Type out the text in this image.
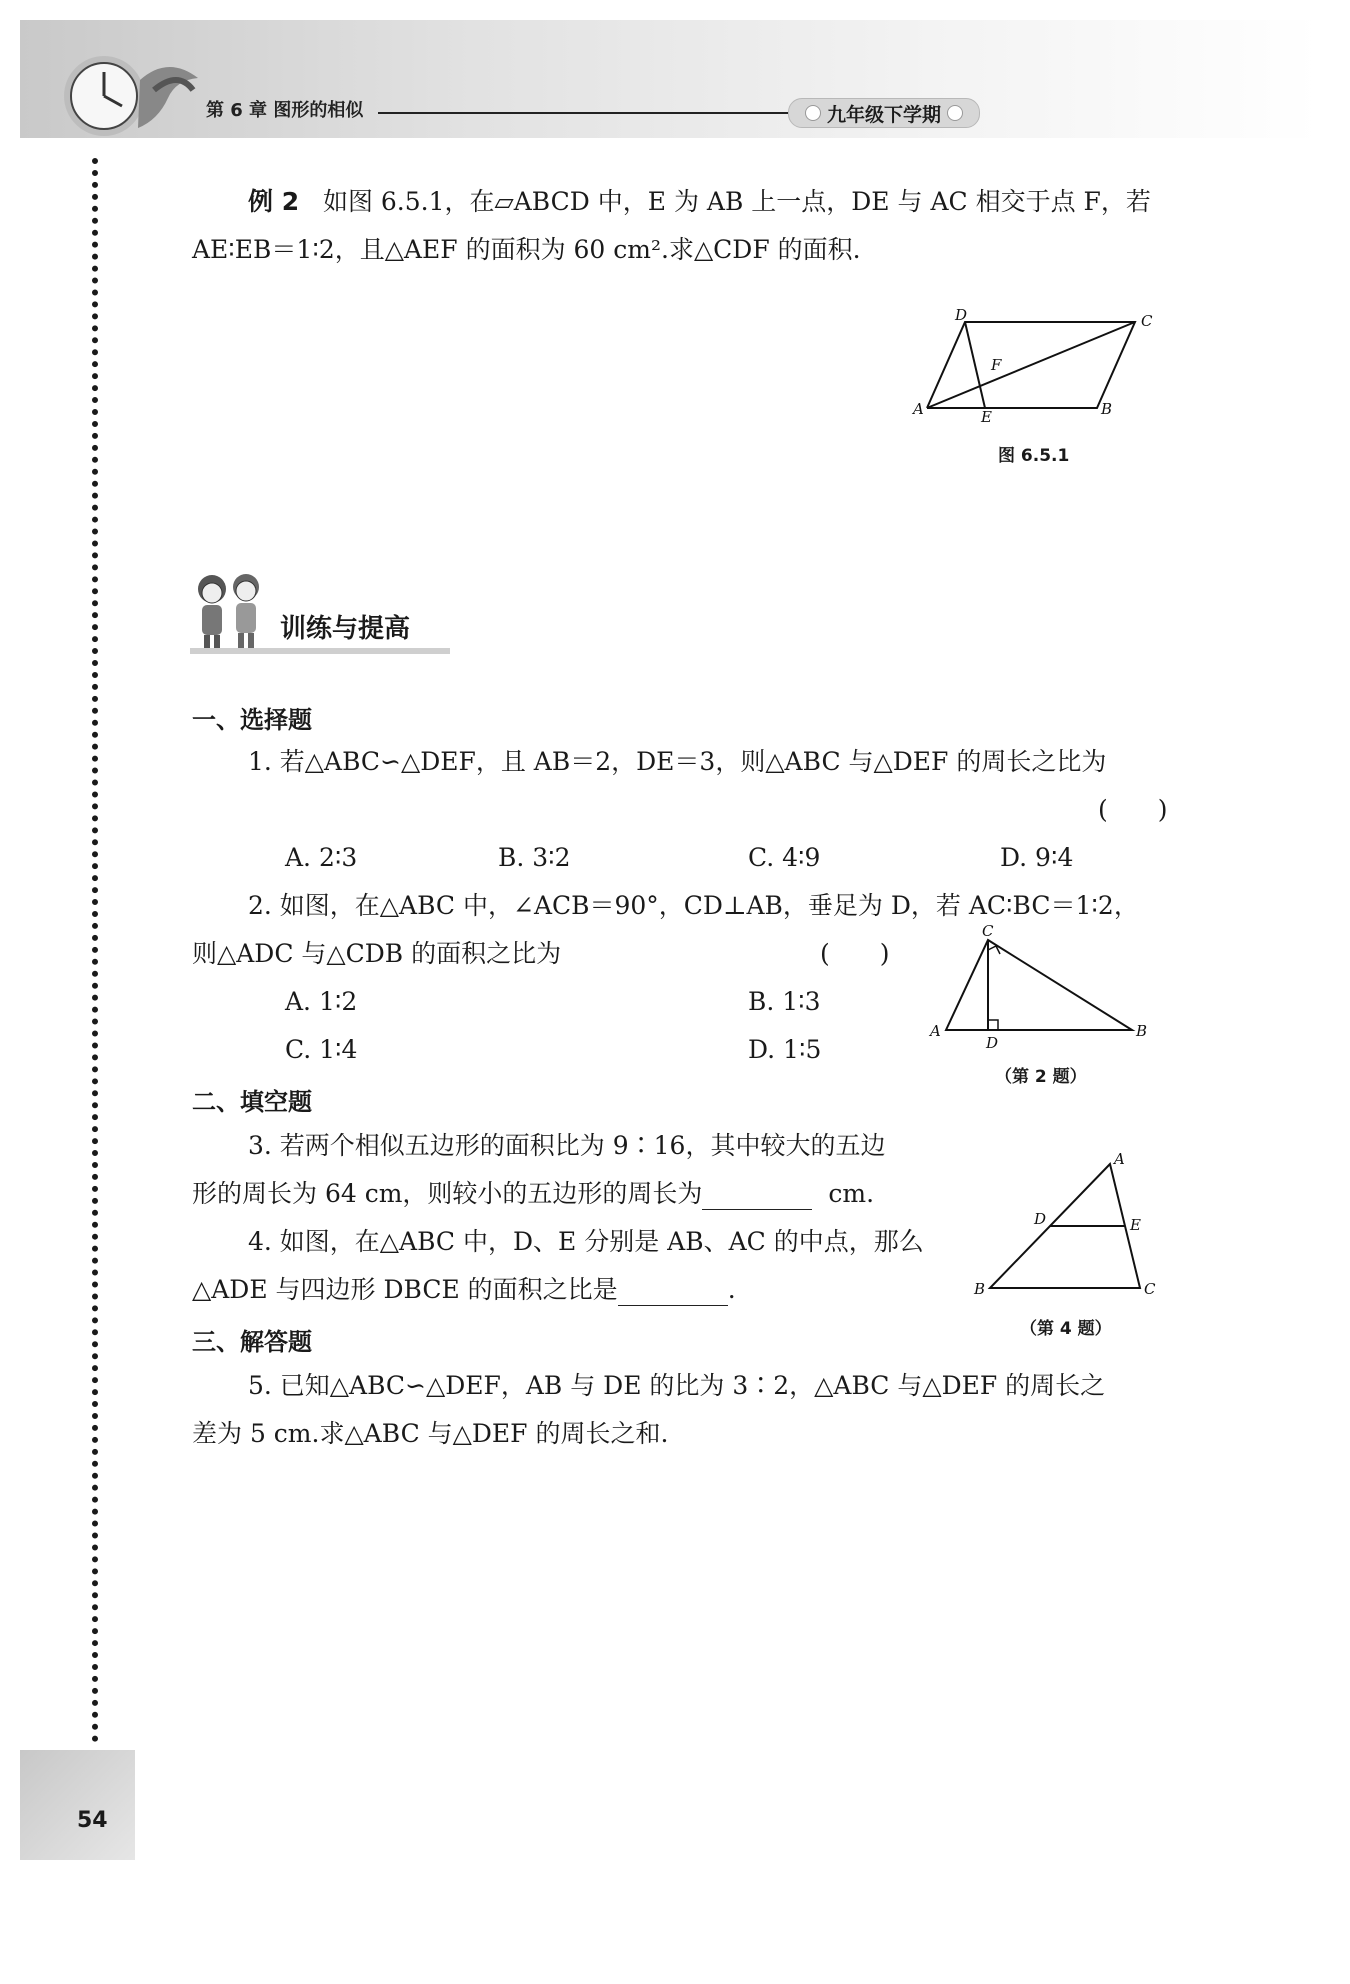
第 6 章 图形的相似	九年级下学期
例 2 如图 6.5.1，在▱ABCD 中，E 为 AB 上一点，DE 与 AC 相交于点 F，若
AE∶EB＝1∶2，且△AEF 的面积为 60 cm².求△CDF 的面积.
A
D	C
B
E
F
图 6.5.1
训练与提高
一、选择题
1. 若△ABC∽△DEF，且 AB＝2，DE＝3，则△ABC 与△DEF 的周长之比为
(　　)
A. 2∶3	B. 3∶2	C. 4∶9	D. 9∶4
2. 如图，在△ABC 中，∠ACB＝90°，CD⊥AB，垂足为 D，若 AC∶BC＝1∶2，
则△ADC 与△CDB 的面积之比为	(　　)
A. 1∶2	B. 1∶3
C. 1∶4	D. 1∶5
A
C
B
D
（第 2 题）
二、填空题
3. 若两个相似五边形的面积比为 9∶16，其中较大的五边
形的周长为 64 cm，则较小的五边形的周长为	cm.
4. 如图，在△ABC 中，D、E 分别是 AB、AC 的中点，那么
△ADE 与四边形 DBCE 的面积之比是	.
A
D	E
B	C
（第 4 题）
三、解答题
5. 已知△ABC∽△DEF，AB 与 DE 的比为 3∶2，△ABC 与△DEF 的周长之
差为 5 cm.求△ABC 与△DEF 的周长之和.
54
